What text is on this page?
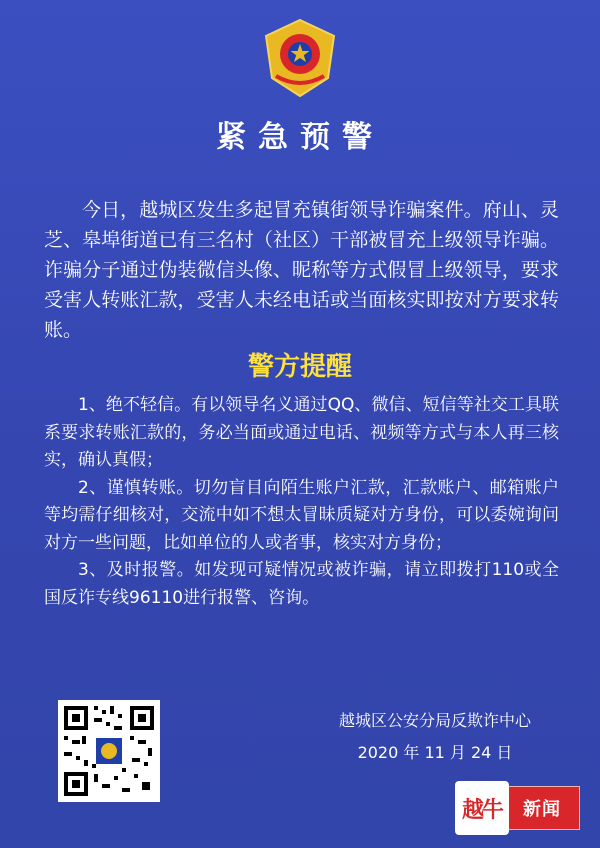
紧急预警

今日，越城区发生多起冒充镇街领导诈骗案件。府山、灵芝、皋埠街道已有三名村（社区）干部被冒充上级领导诈骗。诈骗分子通过伪装微信头像、昵称等方式假冒上级领导，要求受害人转账汇款，受害人未经电话或当面核实即按对方要求转账。

警方提醒

1、绝不轻信。有以领导名义通过QQ、微信、短信等社交工具联系要求转账汇款的，务必当面或通过电话、视频等方式与本人再三核实，确认真假；

2、谨慎转账。切勿盲目向陌生账户汇款，汇款账户、邮箱账户等均需仔细核对，交流中如不想太冒昧质疑对方身份，可以委婉询问对方一些问题，比如单位的人或者事，核实对方身份；

3、及时报警。如发现可疑情况或被诈骗，请立即拨打110或全国反诈专线96110进行报警、咨询。

越城区公安分局反欺诈中心
2020 年 11 月 24 日
越牛	新闻
